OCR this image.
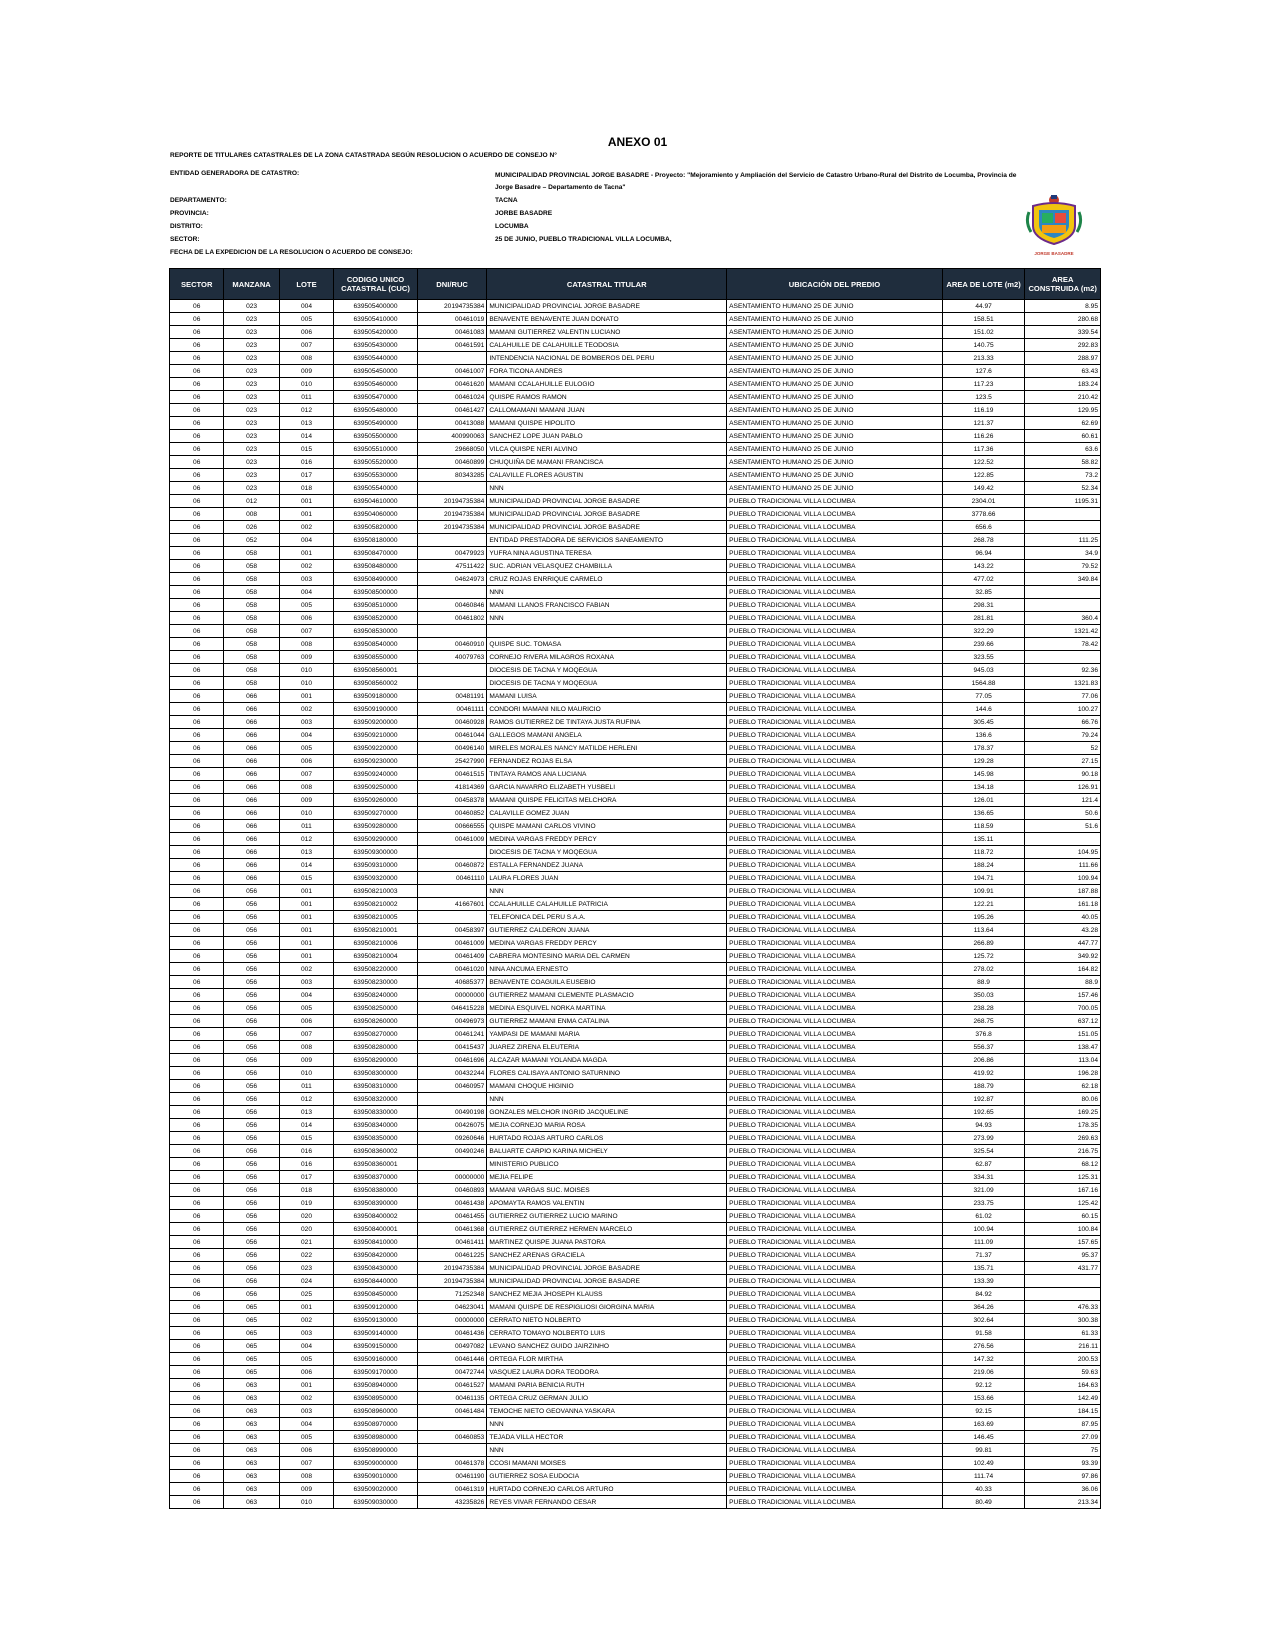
ANEXO 01
REPORTE DE TITULARES CATASTRALES DE LA ZONA CATASTRADA SEGÚN RESOLUCION O ACUERDO DE CONSEJO N°
ENTIDAD GENERADORA DE CATASTRO:	MUNICIPALIDAD PROVINCIAL JORGE BASADRE - Proyecto: "Mejoramiento y Ampliación del Servicio de Catastro Urbano-Rural del Distrito de Locumba, Provincia de Jorge Basadre – Departamento de Tacna"
DEPARTAMENTO:	TACNA
PROVINCIA:	JORBE BASADRE
DISTRITO:	LOCUMBA
SECTOR:	25 DE JUNIO, PUEBLO TRADICIONAL VILLA LOCUMBA,
FECHA DE LA EXPEDICION DE LA RESOLUCION O ACUERDO DE CONSEJO:	JORGE BASADRE
SECTOR	MANZANA	LOTE	CODIGO UNICO CATASTRAL (CUC)	DNI/RUC	CATASTRAL TITULAR	UBICACIÓN DEL PREDIO	AREA DE LOTE (m2)	AREA CONSTRUIDA (m2)
06	023	004	639505400000	20194735384	MUNICIPALIDAD PROVINCIAL JORGE BASADRE	ASENTAMIENTO HUMANO 25 DE JUNIO	44.97	8.95
06	023	005	639505410000	00461019	BENAVENTE BENAVENTE JUAN DONATO	ASENTAMIENTO HUMANO 25 DE JUNIO	158.51	280.68
06	023	006	639505420000	00461083	MAMANI GUTIERREZ VALENTIN LUCIANO	ASENTAMIENTO HUMANO 25 DE JUNIO	151.02	339.54
06	023	007	639505430000	00461591	CALAHUILLE DE CALAHUILLE TEODOSIA	ASENTAMIENTO HUMANO 25 DE JUNIO	140.75	292.83
06	023	008	639505440000		INTENDENCIA NACIONAL DE BOMBEROS DEL PERU	ASENTAMIENTO HUMANO 25 DE JUNIO	213.33	288.97
06	023	009	639505450000	00461007	FORA TICONA ANDRES	ASENTAMIENTO HUMANO 25 DE JUNIO	127.6	63.43
06	023	010	639505460000	00461620	MAMANI CCALAHUILLE EULOGIO	ASENTAMIENTO HUMANO 25 DE JUNIO	117.23	183.24
06	023	011	639505470000	00461024	QUISPE RAMOS RAMON	ASENTAMIENTO HUMANO 25 DE JUNIO	123.5	210.42
06	023	012	639505480000	00461427	CALLOMAMANI MAMANI JUAN	ASENTAMIENTO HUMANO 25 DE JUNIO	116.19	129.95
06	023	013	639505490000	00413088	MAMANI QUISPE HIPOLITO	ASENTAMIENTO HUMANO 25 DE JUNIO	121.37	62.69
06	023	014	639505500000	400990063	SANCHEZ LOPE JUAN PABLO	ASENTAMIENTO HUMANO 25 DE JUNIO	116.26	60.61
06	023	015	639505510000	29668050	VILCA QUISPE NERI ALVINO	ASENTAMIENTO HUMANO 25 DE JUNIO	117.36	63.6
06	023	016	639505520000	00460899	CHUQUIÑA DE MAMANI FRANCISCA	ASENTAMIENTO HUMANO 25 DE JUNIO	122.52	58.82
06	023	017	639505530000	80343285	CALAVILLE FLORES AGUSTIN	ASENTAMIENTO HUMANO 25 DE JUNIO	122.85	73.2
06	023	018	639505540000		NNN	ASENTAMIENTO HUMANO 25 DE JUNIO	149.42	52.34
06	012	001	639504610000	20194735384	MUNICIPALIDAD PROVINCIAL JORGE BASADRE	PUEBLO TRADICIONAL VILLA LOCUMBA	2304.01	1195.31
06	008	001	639504060000	20194735384	MUNICIPALIDAD PROVINCIAL JORGE BASADRE	PUEBLO TRADICIONAL VILLA LOCUMBA	3778.66	
06	026	002	639505820000	20194735384	MUNICIPALIDAD PROVINCIAL JORGE BASADRE	PUEBLO TRADICIONAL VILLA LOCUMBA	656.6	
06	052	004	639508180000		ENTIDAD PRESTADORA DE SERVICIOS SANEAMIENTO	PUEBLO TRADICIONAL VILLA LOCUMBA	268.78	111.25
06	058	001	639508470000	00479923	YUFRA NINA AGUSTINA TERESA	PUEBLO TRADICIONAL VILLA LOCUMBA	96.94	34.9
06	058	002	639508480000	47511422	SUC. ADRIAN VELASQUEZ CHAMBILLA	PUEBLO TRADICIONAL VILLA LOCUMBA	143.22	79.52
06	058	003	639508490000	04624973	CRUZ ROJAS ENRRIQUE CARMELO	PUEBLO TRADICIONAL VILLA LOCUMBA	477.02	349.84
06	058	004	639508500000		NNN	PUEBLO TRADICIONAL VILLA LOCUMBA	32.85	
06	058	005	639508510000	00460846	MAMANI LLANOS FRANCISCO FABIAN	PUEBLO TRADICIONAL VILLA LOCUMBA	298.31	
06	058	006	639508520000	00461802	NNN	PUEBLO TRADICIONAL VILLA LOCUMBA	281.81	360.4
06	058	007	639508530000			PUEBLO TRADICIONAL VILLA LOCUMBA	322.29	1321.42
06	058	008	639508540000	00460910	QUISPE SUC. TOMASA	PUEBLO TRADICIONAL VILLA LOCUMBA	239.66	78.42
06	058	009	639508550000	40079763	CORNEJO RIVERA MILAGROS ROXANA	PUEBLO TRADICIONAL VILLA LOCUMBA	323.55	
06	058	010	639508560001		DIOCESIS DE TACNA Y MOQEGUA	PUEBLO TRADICIONAL VILLA LOCUMBA	945.03	92.36
06	058	010	639508560002		DIOCESIS DE TACNA Y MOQEGUA	PUEBLO TRADICIONAL VILLA LOCUMBA	1564.88	1321.83
06	066	001	639509180000	00481191	MAMANI LUISA	PUEBLO TRADICIONAL VILLA LOCUMBA	77.05	77.06
06	066	002	639509190000	00461111	CONDORI MAMANI NILO MAURICIO	PUEBLO TRADICIONAL VILLA LOCUMBA	144.6	100.27
06	066	003	639509200000	00460928	RAMOS GUTIERREZ DE TINTAYA JUSTA RUFINA	PUEBLO TRADICIONAL VILLA LOCUMBA	305.45	66.76
06	066	004	639509210000	00461044	GALLEGOS MAMANI ANGELA	PUEBLO TRADICIONAL VILLA LOCUMBA	136.6	79.24
06	066	005	639509220000	00496140	MIRELES MORALES NANCY MATILDE HERLENI	PUEBLO TRADICIONAL VILLA LOCUMBA	178.37	52
06	066	006	639509230000	25427990	FERNANDEZ ROJAS ELSA	PUEBLO TRADICIONAL VILLA LOCUMBA	129.28	27.15
06	066	007	639509240000	00461515	TINTAYA RAMOS ANA LUCIANA	PUEBLO TRADICIONAL VILLA LOCUMBA	145.98	90.18
06	066	008	639509250000	41814369	GARCIA NAVARRO ELIZABETH YUSBELI	PUEBLO TRADICIONAL VILLA LOCUMBA	134.18	126.91
06	066	009	639509260000	00458378	MAMANI QUISPE FELICITAS MELCHORA	PUEBLO TRADICIONAL VILLA LOCUMBA	126.01	121.4
06	066	010	639509270000	00460852	CALAVILLE GOMEZ JUAN	PUEBLO TRADICIONAL VILLA LOCUMBA	136.65	50.6
06	066	011	639509280000	00666555	QUISPE MAMANI CARLOS VIVINO	PUEBLO TRADICIONAL VILLA LOCUMBA	118.59	51.6
06	066	012	639509290000	00461009	MEDINA VARGAS FREDDY PERCY	PUEBLO TRADICIONAL VILLA LOCUMBA	135.11	
06	066	013	639509300000		DIOCESIS DE TACNA Y MOQEGUA	PUEBLO TRADICIONAL VILLA LOCUMBA	118.72	104.95
06	066	014	639509310000	00460872	ESTALLA FERNANDEZ JUANA	PUEBLO TRADICIONAL VILLA LOCUMBA	188.24	111.66
06	066	015	639509320000	00461110	LAURA FLORES JUAN	PUEBLO TRADICIONAL VILLA LOCUMBA	194.71	109.94
06	056	001	639508210003		NNN	PUEBLO TRADICIONAL VILLA LOCUMBA	109.91	187.88
06	056	001	639508210002	41667601	CCALAHUILLE CALAHUILLE PATRICIA	PUEBLO TRADICIONAL VILLA LOCUMBA	122.21	161.18
06	056	001	639508210005		TELEFONICA DEL PERU S.A.A.	PUEBLO TRADICIONAL VILLA LOCUMBA	195.26	40.05
06	056	001	639508210001	00458397	GUTIERREZ CALDERON JUANA	PUEBLO TRADICIONAL VILLA LOCUMBA	113.64	43.28
06	056	001	639508210006	00461009	MEDINA VARGAS FREDDY PERCY	PUEBLO TRADICIONAL VILLA LOCUMBA	266.89	447.77
06	056	001	639508210004	00461409	CABRERA MONTESINO MARIA DEL CARMEN	PUEBLO TRADICIONAL VILLA LOCUMBA	125.72	349.92
06	056	002	639508220000	00461020	NINA ANCUMA ERNESTO	PUEBLO TRADICIONAL VILLA LOCUMBA	278.02	164.82
06	056	003	639508230000	40685377	BENAVENTE COAGUILA EUSEBIO	PUEBLO TRADICIONAL VILLA LOCUMBA	88.9	88.9
06	056	004	639508240000	00000000	GUTIERREZ MAMANI CLEMENTE PLASMACIO	PUEBLO TRADICIONAL VILLA LOCUMBA	350.03	157.46
06	056	005	639508250000	046415228	MEDINA ESQUIVEL NORKA MARTINA	PUEBLO TRADICIONAL VILLA LOCUMBA	238.28	700.05
06	056	006	639508260000	00496973	GUTIERREZ MAMANI ENMA CATALINA	PUEBLO TRADICIONAL VILLA LOCUMBA	268.75	637.12
06	056	007	639508270000	00461241	YAMPASI DE MAMANI MARIA	PUEBLO TRADICIONAL VILLA LOCUMBA	376.8	151.05
06	056	008	639508280000	00415437	JUAREZ ZIRENA ELEUTERIA	PUEBLO TRADICIONAL VILLA LOCUMBA	556.37	138.47
06	056	009	639508290000	00461696	ALCAZAR MAMANI YOLANDA MAGDA	PUEBLO TRADICIONAL VILLA LOCUMBA	206.86	113.04
06	056	010	639508300000	00432244	FLORES CALISAYA ANTONIO SATURNINO	PUEBLO TRADICIONAL VILLA LOCUMBA	419.92	196.28
06	056	011	639508310000	00460957	MAMANI CHOQUE HIGINIO	PUEBLO TRADICIONAL VILLA LOCUMBA	188.79	62.18
06	056	012	639508320000		NNN	PUEBLO TRADICIONAL VILLA LOCUMBA	192.87	80.06
06	056	013	639508330000	00490198	GONZALES MELCHOR INGRID JACQUELINE	PUEBLO TRADICIONAL VILLA LOCUMBA	192.65	169.25
06	056	014	639508340000	00426075	MEJIA CORNEJO MARIA ROSA	PUEBLO TRADICIONAL VILLA LOCUMBA	94.93	178.35
06	056	015	639508350000	09260646	HURTADO ROJAS ARTURO CARLOS	PUEBLO TRADICIONAL VILLA LOCUMBA	273.99	269.63
06	056	016	639508360002	00490246	BALUARTE CARPIO KARINA MICHELY	PUEBLO TRADICIONAL VILLA LOCUMBA	325.54	216.75
06	056	016	639508360001		MINISTERIO PUBLICO	PUEBLO TRADICIONAL VILLA LOCUMBA	62.87	68.12
06	056	017	639508370000	00000000	MEJIA FELIPE	PUEBLO TRADICIONAL VILLA LOCUMBA	334.31	125.31
06	056	018	639508380000	00460893	MAMANI VARGAS SUC. MOISES	PUEBLO TRADICIONAL VILLA LOCUMBA	321.09	167.16
06	056	019	639508390000	00461438	APOMAYTA RAMOS VALENTIN	PUEBLO TRADICIONAL VILLA LOCUMBA	233.75	125.42
06	056	020	639508400002	00461455	GUTIERREZ GUTIERREZ LUCIO MARINO	PUEBLO TRADICIONAL VILLA LOCUMBA	61.02	60.15
06	056	020	639508400001	00461368	GUTIERREZ GUTIERREZ HERMEN MARCELO	PUEBLO TRADICIONAL VILLA LOCUMBA	100.94	100.84
06	056	021	639508410000	00461411	MARTINEZ QUISPE JUANA PASTORA	PUEBLO TRADICIONAL VILLA LOCUMBA	111.09	157.65
06	056	022	639508420000	00461225	SANCHEZ ARENAS GRACIELA	PUEBLO TRADICIONAL VILLA LOCUMBA	71.37	95.37
06	056	023	639508430000	20194735384	MUNICIPALIDAD PROVINCIAL JORGE BASADRE	PUEBLO TRADICIONAL VILLA LOCUMBA	135.71	431.77
06	056	024	639508440000	20194735384	MUNICIPALIDAD PROVINCIAL JORGE BASADRE	PUEBLO TRADICIONAL VILLA LOCUMBA	133.39	
06	056	025	639508450000	71252348	SANCHEZ MEJIA JHOSEPH KLAUSS	PUEBLO TRADICIONAL VILLA LOCUMBA	84.92	
06	065	001	639509120000	04623041	MAMANI QUISPE DE RESPIGLIOSI GIORGINA MARIA	PUEBLO TRADICIONAL VILLA LOCUMBA	364.26	476.33
06	065	002	639509130000	00000000	CERRATO NIETO NOLBERTO	PUEBLO TRADICIONAL VILLA LOCUMBA	302.64	300.38
06	065	003	639509140000	00461436	CERRATO TOMAYO NOLBERTO LUIS	PUEBLO TRADICIONAL VILLA LOCUMBA	91.58	61.33
06	065	004	639509150000	00497082	LEVANO SANCHEZ GUIDO JAIRZINHO	PUEBLO TRADICIONAL VILLA LOCUMBA	276.56	216.11
06	065	005	639509160000	00461446	ORTEGA FLOR MIRTHA	PUEBLO TRADICIONAL VILLA LOCUMBA	147.32	200.53
06	065	006	639509170000	00472744	VASQUEZ LAURA DORA TEODORA	PUEBLO TRADICIONAL VILLA LOCUMBA	219.06	59.63
06	063	001	639508940000	00461527	MAMANI PARIA BENICIA RUTH	PUEBLO TRADICIONAL VILLA LOCUMBA	92.12	164.63
06	063	002	639508950000	00461135	ORTEGA CRUZ GERMAN JULIO	PUEBLO TRADICIONAL VILLA LOCUMBA	153.66	142.49
06	063	003	639508960000	00461484	TEMOCHE NIETO GEOVANNA YASKARA	PUEBLO TRADICIONAL VILLA LOCUMBA	92.15	184.15
06	063	004	639508970000		NNN	PUEBLO TRADICIONAL VILLA LOCUMBA	163.69	87.95
06	063	005	639508980000	00460853	TEJADA VILLA HECTOR	PUEBLO TRADICIONAL VILLA LOCUMBA	146.45	27.09
06	063	006	639508990000		NNN	PUEBLO TRADICIONAL VILLA LOCUMBA	99.81	75
06	063	007	639509000000	00461378	CCOSI MAMANI MOISES	PUEBLO TRADICIONAL VILLA LOCUMBA	102.49	93.39
06	063	008	639509010000	00461190	GUTIERREZ SOSA EUDOCIA	PUEBLO TRADICIONAL VILLA LOCUMBA	111.74	97.86
06	063	009	639509020000	00461319	HURTADO CORNEJO CARLOS ARTURO	PUEBLO TRADICIONAL VILLA LOCUMBA	40.33	36.06
06	063	010	639509030000	43235826	REYES VIVAR FERNANDO CESAR	PUEBLO TRADICIONAL VILLA LOCUMBA	80.49	213.34
